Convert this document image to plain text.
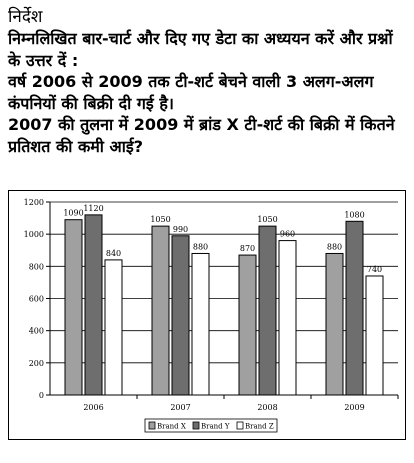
निर्देश

निम्नलिखित बार-चार्ट और दिए गए डेटा का अध्ययन करें और प्रश्नों के उत्तर दें :

वर्ष 2006 से 2009 तक टी-शर्ट बेचने वाली 3 अलग-अलग कंपनियों की बिक्री दी गई है।

2007 की तुलना में 2009 में ब्रांड X टी-शर्ट की बिक्री में कितने प्रतिशत की कमी आई?

0
200
400
600
800
1000
1200
1090
1120
840
2006
1050
990
880
2007
870
1050
960
2008
880
1080
740
2009
Brand X Brand Y Brand Z
